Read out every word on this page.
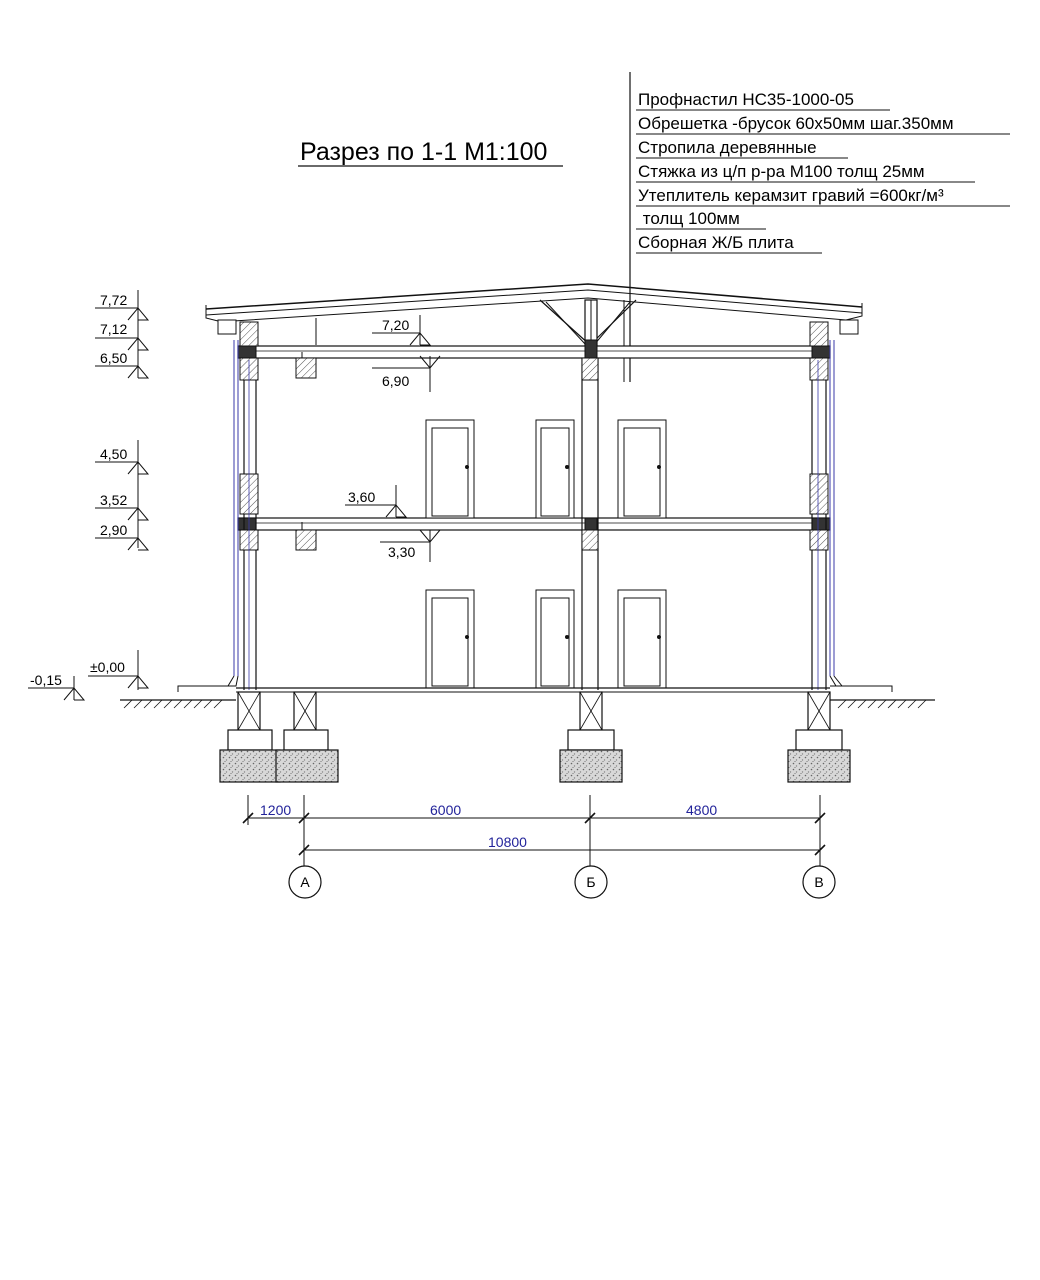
Разрез по 1-1 М1:100
Профнастил НС35-1000-05
Обрешетка -брусок 60х50мм шаг.350мм
Стропила деревянные
Стяжка из ц/п р-ра М100 толщ 25мм
Утеплитель керамзит гравий =600кг/м³
толщ 100мм
Сборная Ж/Б плита
7,72
7,12
6,50
4,50
3,52
2,90
±0,00
-0,15
7,20
6,90
3,60
3,30
1200	6000	4800
10800
А	Б	В
